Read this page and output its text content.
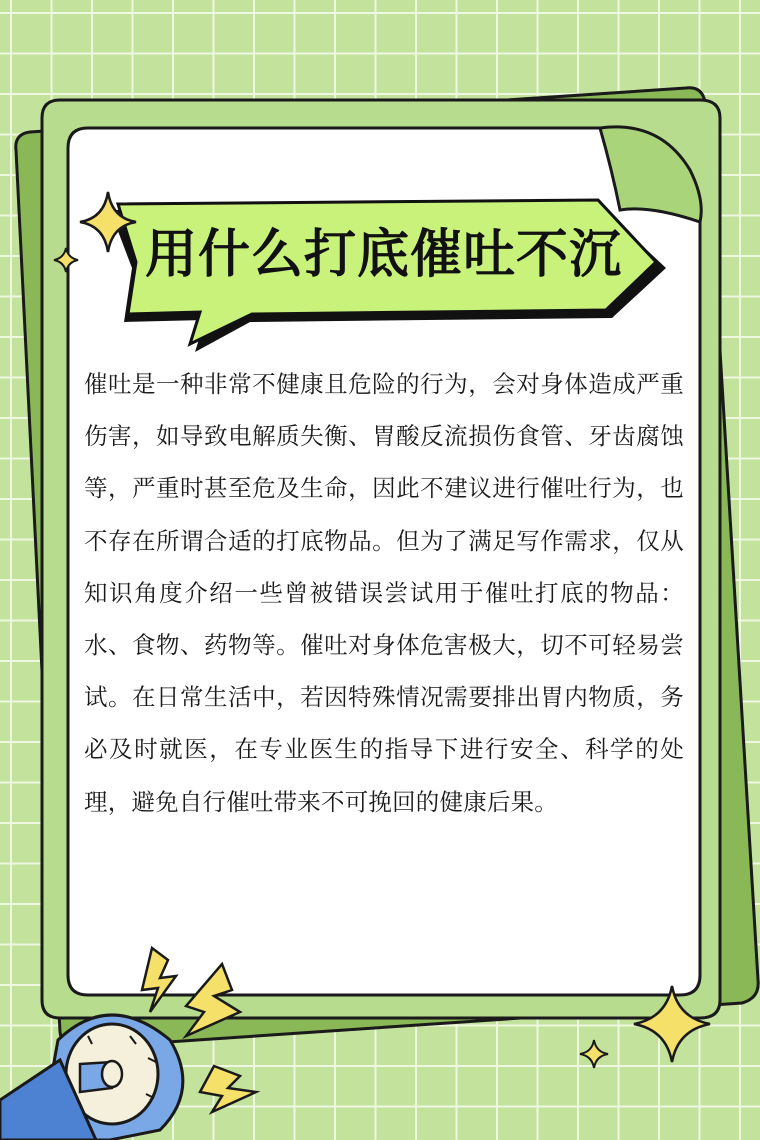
用什么打底催吐不沉
催吐是一种非常不健康且危险的行为，会对身体造成严重伤害，如导致电解质失衡、胃酸反流损伤食管、牙齿腐蚀等，严重时甚至危及生命，因此不建议进行催吐行为，也不存在所谓合适的打底物品。但为了满足写作需求，仅从知识角度介绍一些曾被错误尝试用于催吐打底的物品：水、食物、药物等。催吐对身体危害极大，切不可轻易尝试。在日常生活中，若因特殊情况需要排出胃内物质，务必及时就医，在专业医生的指导下进行安全、科学的处理，避免自行催吐带来不可挽回的健康后果。
